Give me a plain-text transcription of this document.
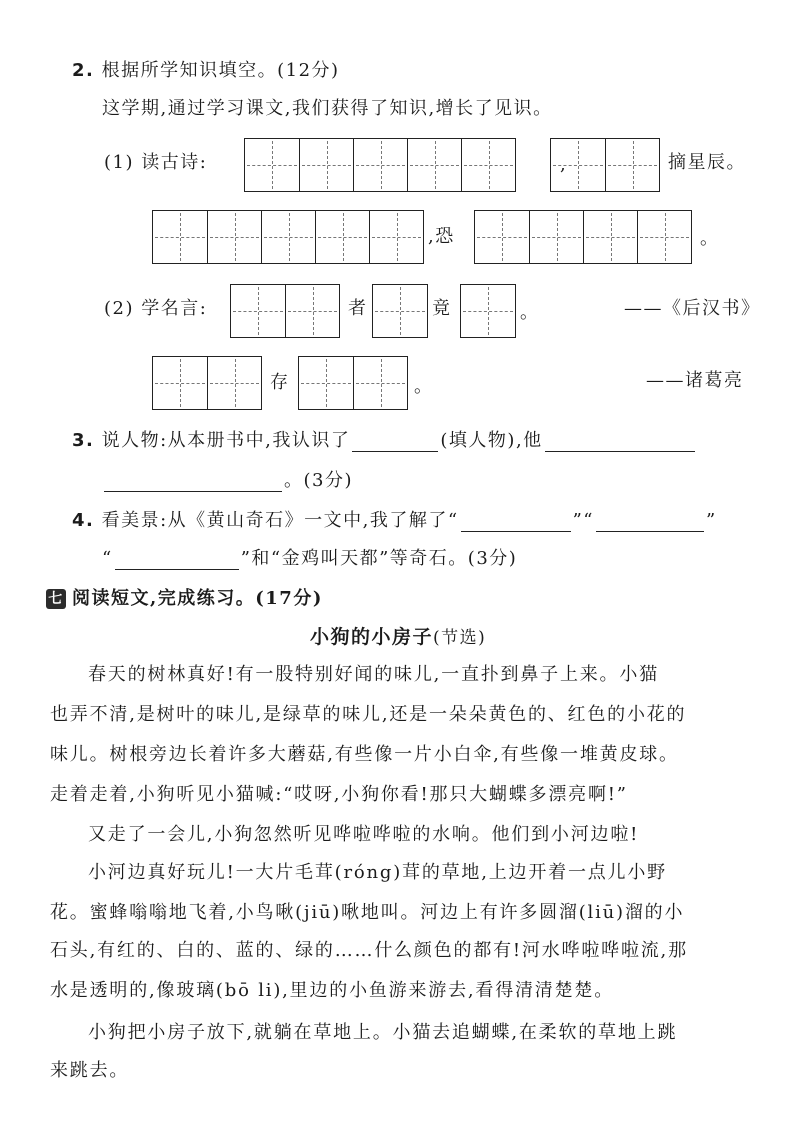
2. 根据所学知识填空。(12分)
这学期,通过学习课文,我们获得了知识,增长了见识。
(1) 读古诗:	,	摘星辰。
,恐	。
(2) 学名言:	者	竟	。	——《后汉书》
存	。	——诸葛亮
3. 说人物:从本册书中,我认识了	(填人物),他
。(3分)
4. 看美景:从《黄山奇石》一文中,我了解了“	”“	”
“	”和“金鸡叫天都”等奇石。(3分)
七 阅读短文,完成练习。(17分)
小狗的小房子(节选)
春天的树林真好!有一股特别好闻的味儿,一直扑到鼻子上来。小猫
也弄不清,是树叶的味儿,是绿草的味儿,还是一朵朵黄色的、红色的小花的
味儿。树根旁边长着许多大蘑菇,有些像一片小白伞,有些像一堆黄皮球。
走着走着,小狗听见小猫喊:“哎呀,小狗你看!那只大蝴蝶多漂亮啊!”
又走了一会儿,小狗忽然听见哗啦哗啦的水响。他们到小河边啦!
小河边真好玩儿!一大片毛茸(róng)茸的草地,上边开着一点儿小野
花。蜜蜂嗡嗡地飞着,小鸟啾(jiū)啾地叫。河边上有许多圆溜(liū)溜的小
石头,有红的、白的、蓝的、绿的……什么颜色的都有!河水哗啦哗啦流,那
水是透明的,像玻璃(bō li),里边的小鱼游来游去,看得清清楚楚。
小狗把小房子放下,就躺在草地上。小猫去追蝴蝶,在柔软的草地上跳
来跳去。
